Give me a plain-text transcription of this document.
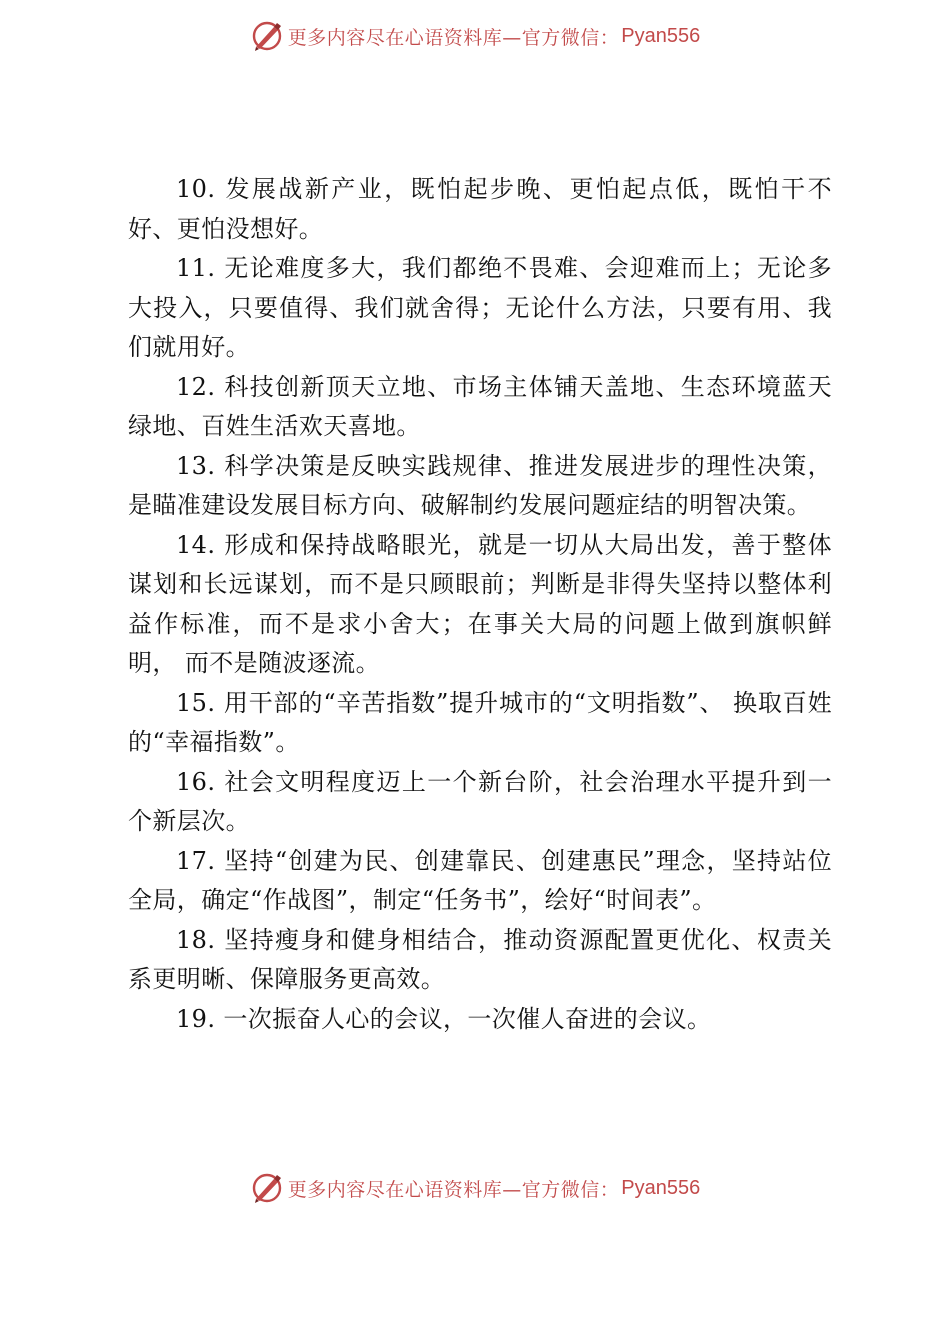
更多内容尽在心语资料库—官方微信： Pyan556

10. 发展战新产业，既怕起步晚、更怕起点低，既怕干不好、更怕没想好。

11. 无论难度多大，我们都绝不畏难、会迎难而上；无论多大投入，只要值得、我们就舍得；无论什么方法，只要有用、我们就用好。

12. 科技创新顶天立地、市场主体铺天盖地、生态环境蓝天绿地、百姓生活欢天喜地。

13. 科学决策是反映实践规律、推进发展进步的理性决策，是瞄准建设发展目标方向、破解制约发展问题症结的明智决策。

14. 形成和保持战略眼光，就是一切从大局出发，善于整体谋划和长远谋划，而不是只顾眼前；判断是非得失坚持以整体利益作标准，而不是求小舍大；在事关大局的问题上做到旗帜鲜明， 而不是随波逐流。

15. 用干部的“辛苦指数”提升城市的“文明指数”、 换取百姓的“幸福指数”。

16. 社会文明程度迈上一个新台阶，社会治理水平提升到一个新层次。

17. 坚持“创建为民、创建靠民、创建惠民”理念，坚持站位全局，确定“作战图”，制定“任务书”，绘好“时间表”。

18. 坚持瘦身和健身相结合，推动资源配置更优化、权责关系更明晰、保障服务更高效。

19. 一次振奋人心的会议，一次催人奋进的会议。

更多内容尽在心语资料库—官方微信： Pyan556
